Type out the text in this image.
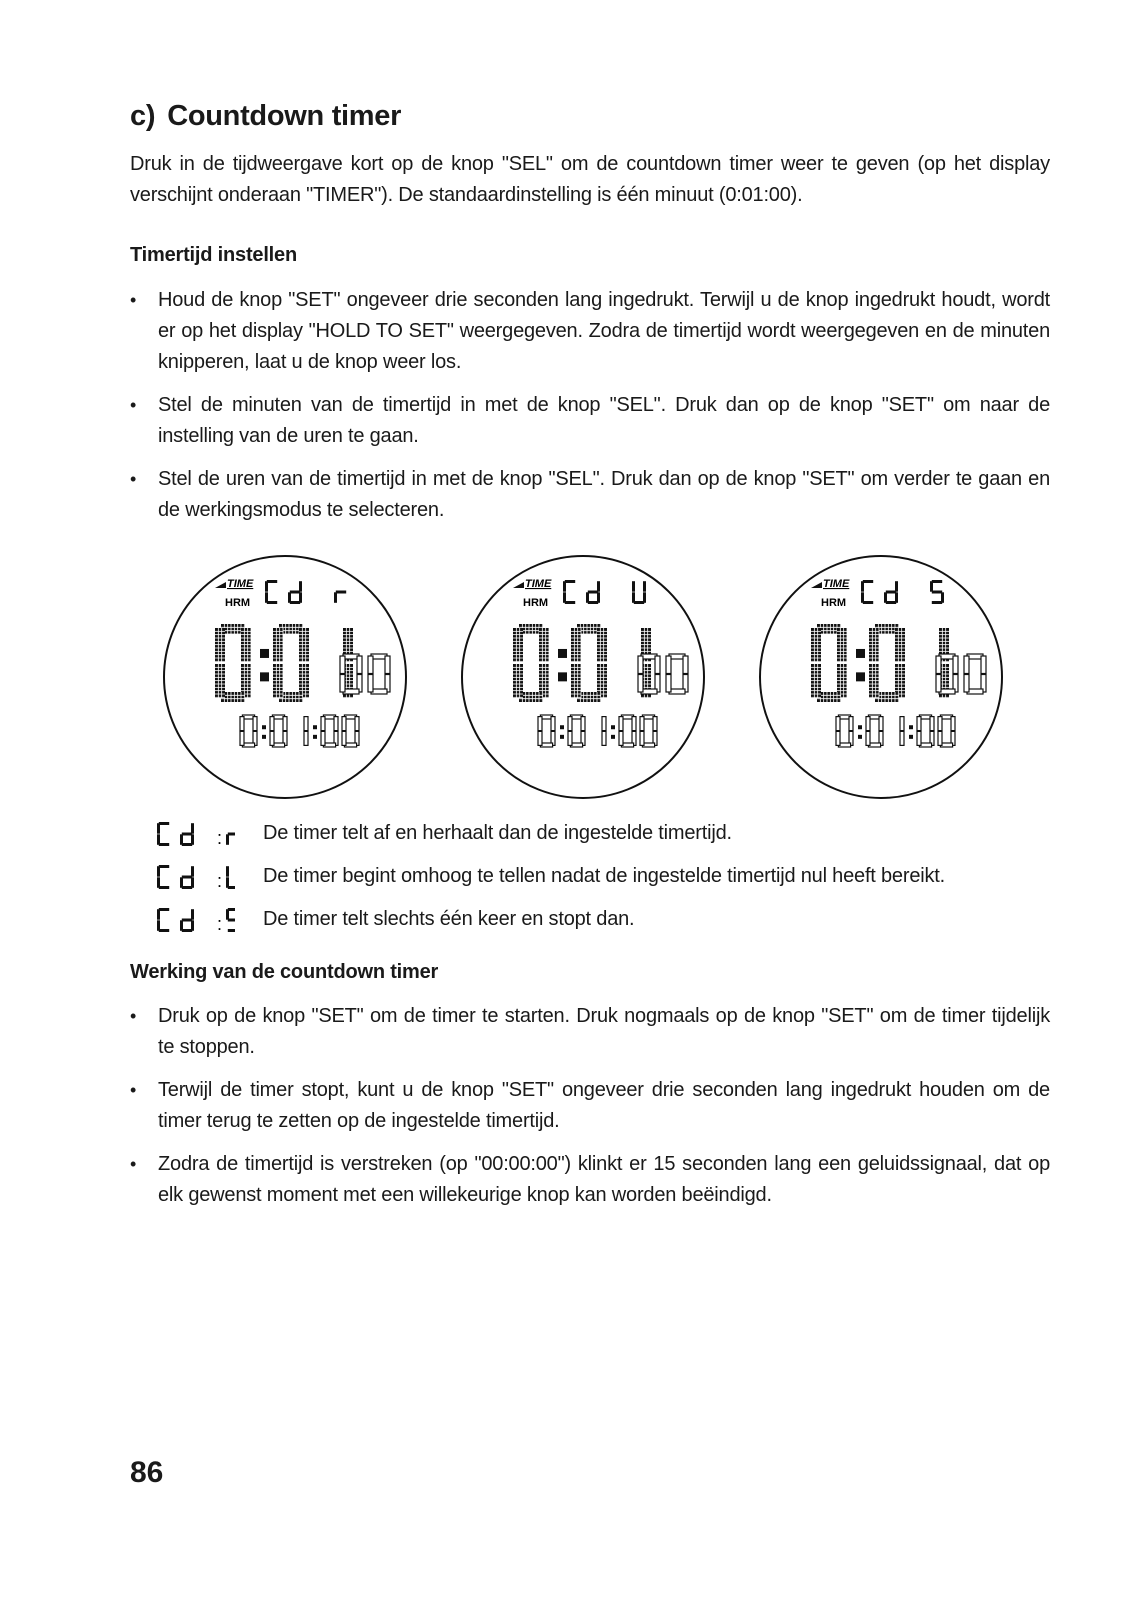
c) Countdown timer

Druk in de tijdweergave kort op de knop "SEL" om de countdown timer weer te geven (op het display verschijnt onderaan "TIMER"). De standaardinstelling is één minuut (0:01:00).

Timertijd instellen
• Houd de knop "SET" ongeveer drie seconden lang ingedrukt. Terwijl u de knop ingedrukt houdt, wordt er op het display "HOLD TO SET" weergegeven. Zodra de timertijd wordt weergegeven en de minuten knipperen, laat u de knop weer los.
• Stel de minuten van de timertijd in met de knop "SEL". Druk dan op de knop "SET" om naar de instelling van de uren te gaan.
• Stel de uren van de timertijd in met de knop "SEL". Druk dan op de knop "SET" om verder te gaan en de werkingsmodus te selecteren.
TIME
HRM
TIME
HRM
TIME
HRM
: De timer telt af en herhaalt dan de ingestelde timertijd.
: De timer begint omhoog te tellen nadat de ingestelde timertijd nul heeft bereikt.
: De timer telt slechts één keer en stopt dan.
Werking van de countdown timer
• Druk op de knop "SET" om de timer te starten. Druk nogmaals op de knop "SET" om de timer tijdelijk te stoppen.
• Terwijl de timer stopt, kunt u de knop "SET" ongeveer drie seconden lang ingedrukt houden om de timer terug te zetten op de ingestelde timertijd.
• Zodra de timertijd is verstreken (op "00:00:00") klinkt er 15 seconden lang een geluidssignaal, dat op elk gewenst moment met een willekeurige knop kan worden beëindigd.
86
